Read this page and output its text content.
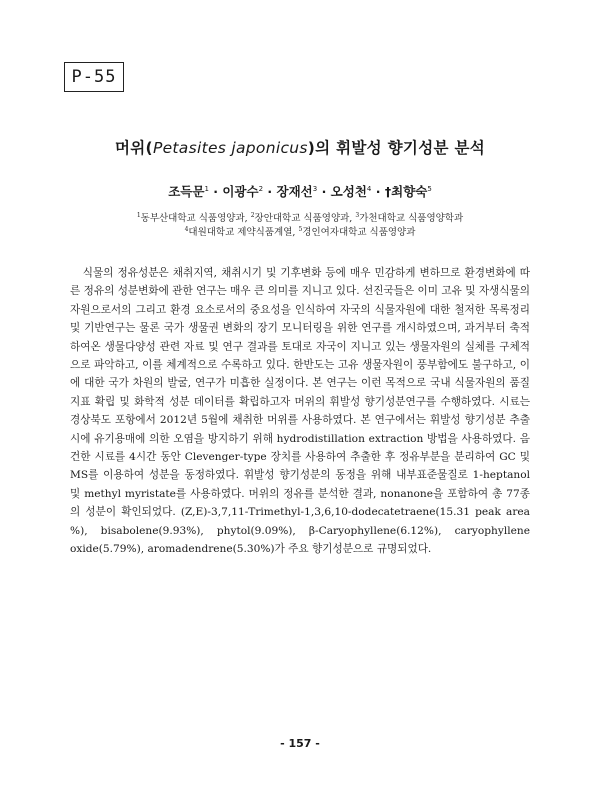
P-55
머위(Petasites japonicus)의 휘발성 향기성분 분석
조득문$^1$ · 이광수$^2$ · 장재선$^3$ · 오성천$^4$ · †최향숙$^5$
$^1$동부산대학교 식품영양과, $^2$장안대학교 식품영양과, $^3$가천대학교 식품영양학과
$^4$대원대학교 제약식품계열, $^5$경인여자대학교 식품영양과

식물의 정유성분은 채취지역, 채취시기 및 기후변화 등에 매우 민감하게 변하므로 환경변화에 따른 정유의 성분변화에 관한 연구는 매우 큰 의미를 지니고 있다. 선진국들은 이미 고유 및 자생식물의 자원으로서의 그리고 환경 요소로서의 중요성을 인식하여 자국의 식물자원에 대한 철저한 목록정리 및 기반연구는 물론 국가 생물권 변화의 장기 모니터링을 위한 연구를 개시하였으며, 과거부터 축적하여온 생물다양성 관련 자료 및 연구 결과를 토대로 자국이 지니고 있는 생물자원의 실체를 구체적으로 파악하고, 이를 체계적으로 수록하고 있다. 한반도는 고유 생물자원이 풍부함에도 불구하고, 이에 대한 국가 차원의 발굴, 연구가 미흡한 실정이다. 본 연구는 이런 목적으로 국내 식물자원의 품질지표 확립 및 화학적 성분 데이터를 확립하고자 머위의 휘발성 향기성분연구를 수행하였다. 시료는 경상북도 포항에서 2012년 5월에 채취한 머위를 사용하였다. 본 연구에서는 휘발성 향기성분 추출시에 유기용매에 의한 오염을 방지하기 위해 hydrodistillation extraction 방법을 사용하였다. 음건한 시료를 4시간 동안 Clevenger-type 장치를 사용하여 추출한 후 정유부분을 분리하여 GC 및 MS를 이용하여 성분을 동정하였다. 휘발성 향기성분의 동정을 위해 내부표준물질로 1-heptanol 및 methyl myristate를 사용하였다. 머위의 정유를 분석한 결과, nonanone을 포함하여 총 77종의 성분이 확인되었다. (Z,E)-3,7,11-Trimethyl-1,3,6,10-dodecatetraene(15.31 peak area %), bisabolene(9.93%), phytol(9.09%), β-Caryophyllene(6.12%), caryophyllene oxide(5.79%), aromadendrene(5.30%)가 주요 향기성분으로 규명되었다.

- 157 -
